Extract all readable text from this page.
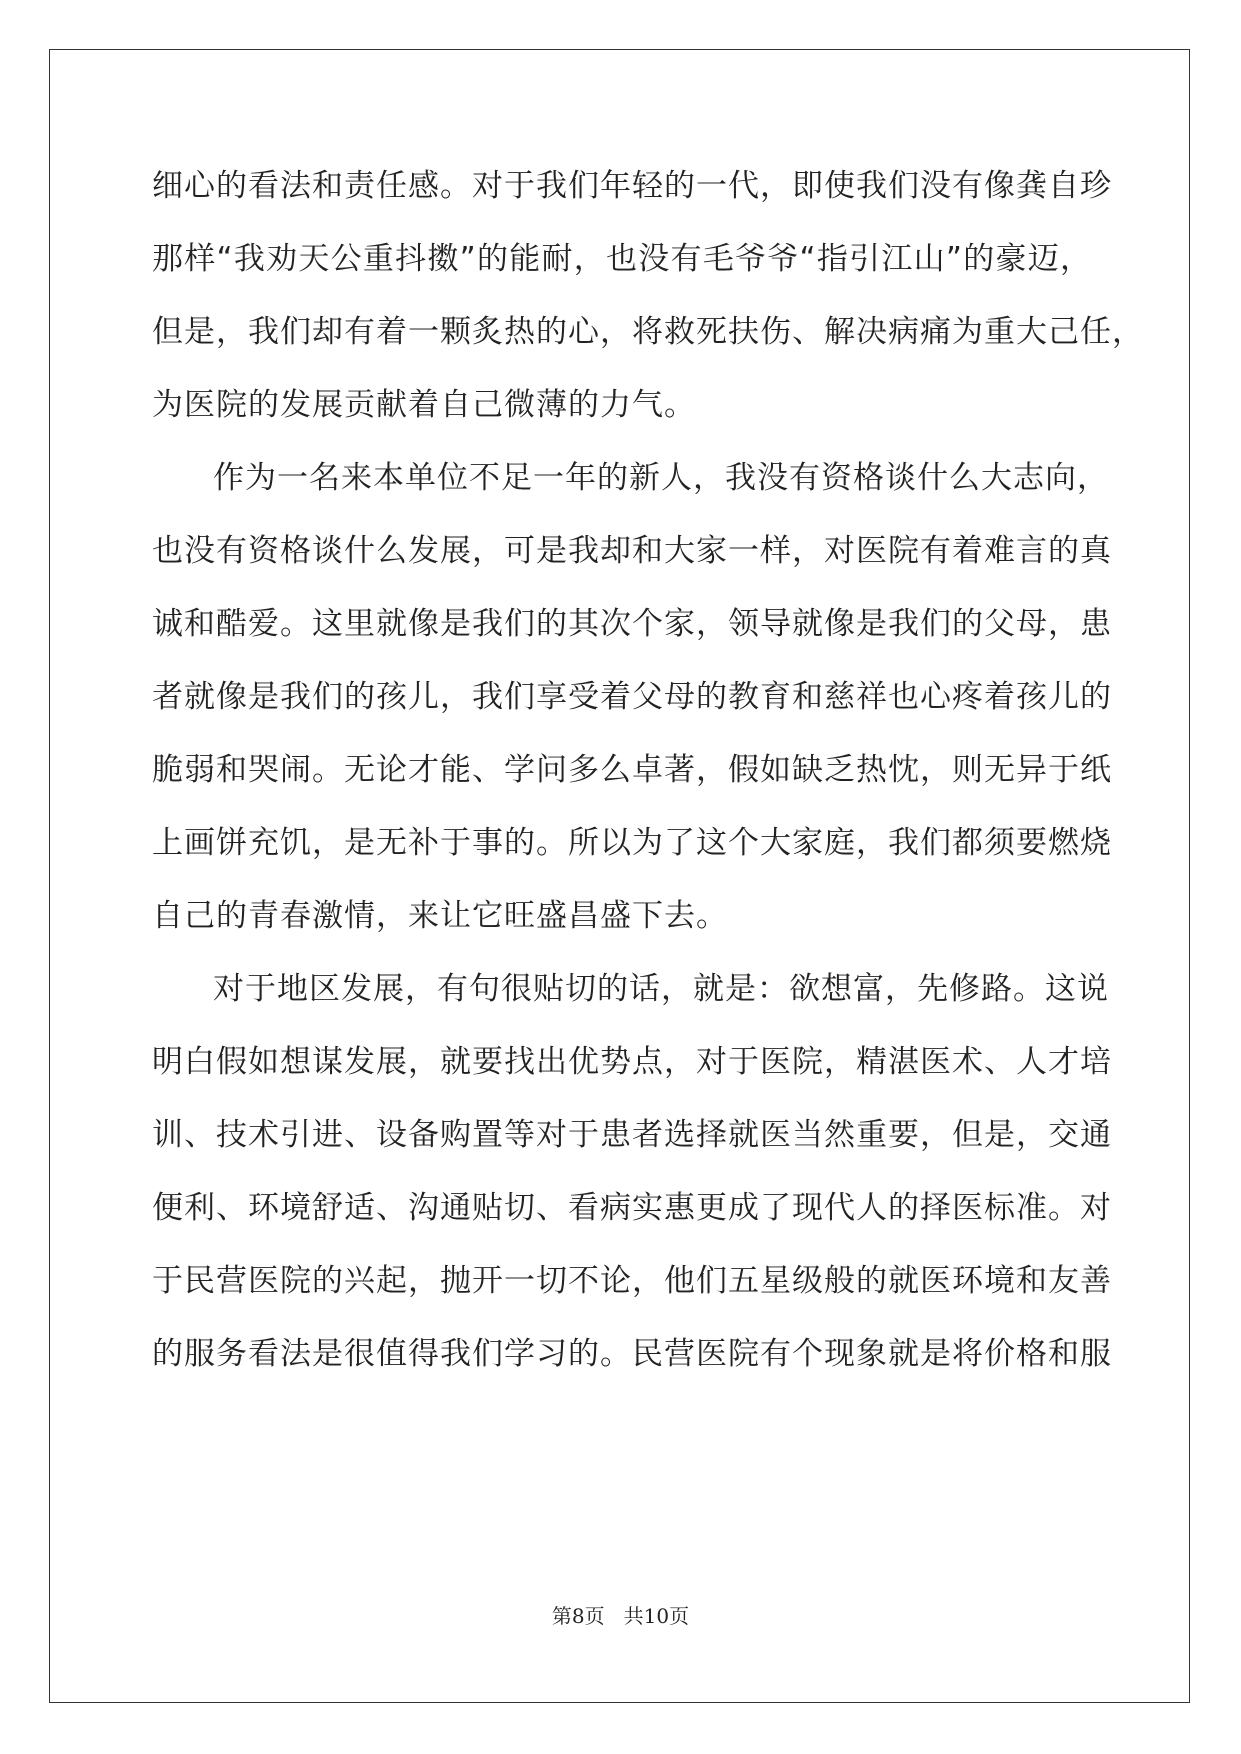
细心的看法和责任感。对于我们年轻的一代，即使我们没有像龚自珍
那样“我劝天公重抖擞”的能耐，也没有毛爷爷“指引江山”的豪迈，
但是，我们却有着一颗炙热的心，将救死扶伤、解决病痛为重大己任，
为医院的发展贡献着自己微薄的力气。
作为一名来本单位不足一年的新人，我没有资格谈什么大志向，
也没有资格谈什么发展，可是我却和大家一样，对医院有着难言的真
诚和酷爱。这里就像是我们的其次个家，领导就像是我们的父母，患
者就像是我们的孩儿，我们享受着父母的教育和慈祥也心疼着孩儿的
脆弱和哭闹。无论才能、学问多么卓著，假如缺乏热忱，则无异于纸
上画饼充饥，是无补于事的。所以为了这个大家庭，我们都须要燃烧
自己的青春激情，来让它旺盛昌盛下去。
对于地区发展，有句很贴切的话，就是：欲想富，先修路。这说
明白假如想谋发展，就要找出优势点，对于医院，精湛医术、人才培
训、技术引进、设备购置等对于患者选择就医当然重要，但是，交通
便利、环境舒适、沟通贴切、看病实惠更成了现代人的择医标准。对
于民营医院的兴起，抛开一切不论，他们五星级般的就医环境和友善
的服务看法是很值得我们学习的。民营医院有个现象就是将价格和服
第8页 共10页
